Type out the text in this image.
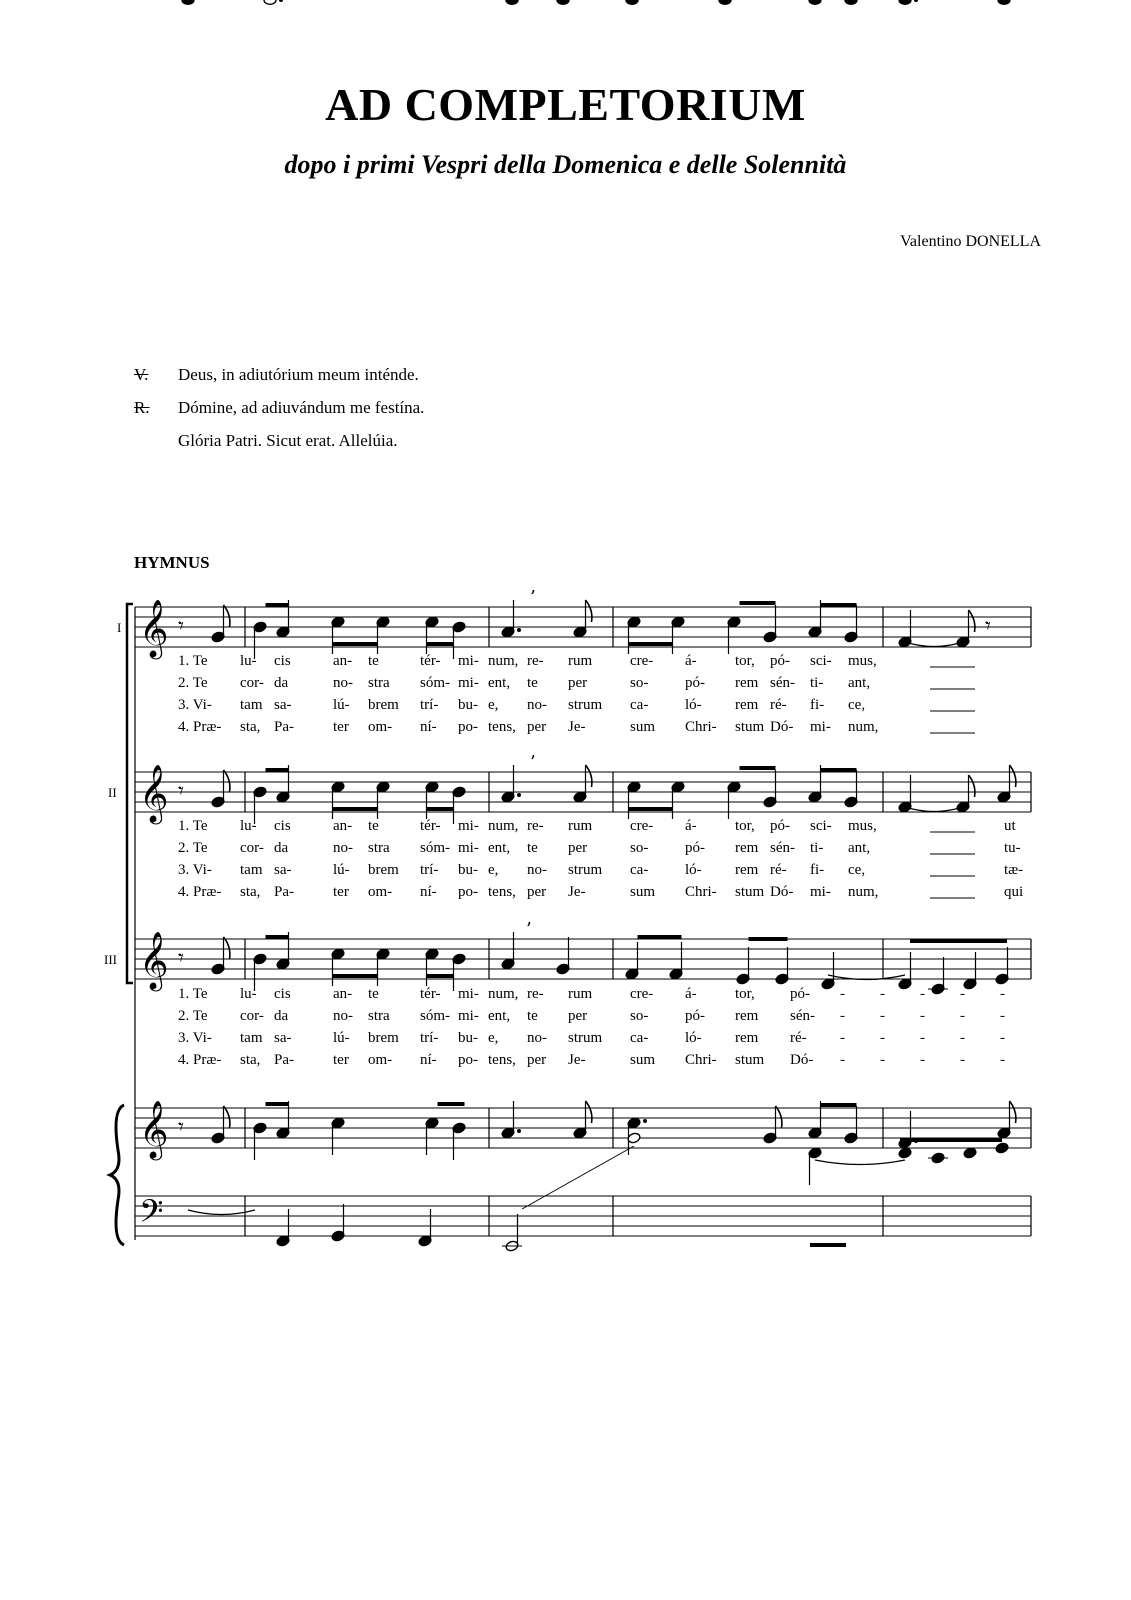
AD COMPLETORIUM
dopo i primi Vespri della Domenica e delle Solennità
Valentino DONELLA
V.	Deus, in adiutórium meum inténde.
R.	Dómine, ad adiuvándum me festína.
Glória Patri. Sicut erat. Allelúia.
HYMNUS
𝄞 𝄾
𝄞 𝄾
𝄞 𝄾
’
𝄾
’
’
I
II
III
1. Te lu- cis	an- te	tér- mi- num, re- rum	cre- á-	tor, pó- sci- mus,
2. Te cor- da	no- stra sóm- mi- ent, te per	so- pó- rem sén- ti- ant,
3. Vi- tam sa-	lú- brem trí- bu- e, no- strum ca- ló- rem ré- fi- ce,
4. Præ- sta, Pa-	ter om- ní- po- tens, per Je-	sum Chri- stum Dó- mi- num,
1. Te lu- cis	an- te	tér- mi- num, re- rum	cre- á-	tor, pó- sci- mus,	ut
2. Te cor- da	no- stra sóm- mi- ent, te per	so- pó- rem sén- ti- ant,	tu-
3. Vi- tam sa-	lú- brem trí- bu- e, no- strum ca- ló- rem ré- fi- ce,	tæ-
4. Præ- sta, Pa-	ter om- ní- po- tens, per Je-	sum Chri- stum Dó- mi- num,	qui
1. Te lu- cis	an- te	tér- mi- num, re- rum	cre- á-	tor, pó- - - - - -
2. Te cor- da	no- stra sóm- mi- ent, te per	so- pó- rem sén- - - - - -
3. Vi- tam sa-	lú- brem trí- bu- e, no- strum ca- ló- rem ré- - - - - -
4. Præ- sta, Pa-	ter om- ní- po- tens, per Je-	sum Chri- stum Dó- - - - - -
𝄞
𝄢
𝄾
